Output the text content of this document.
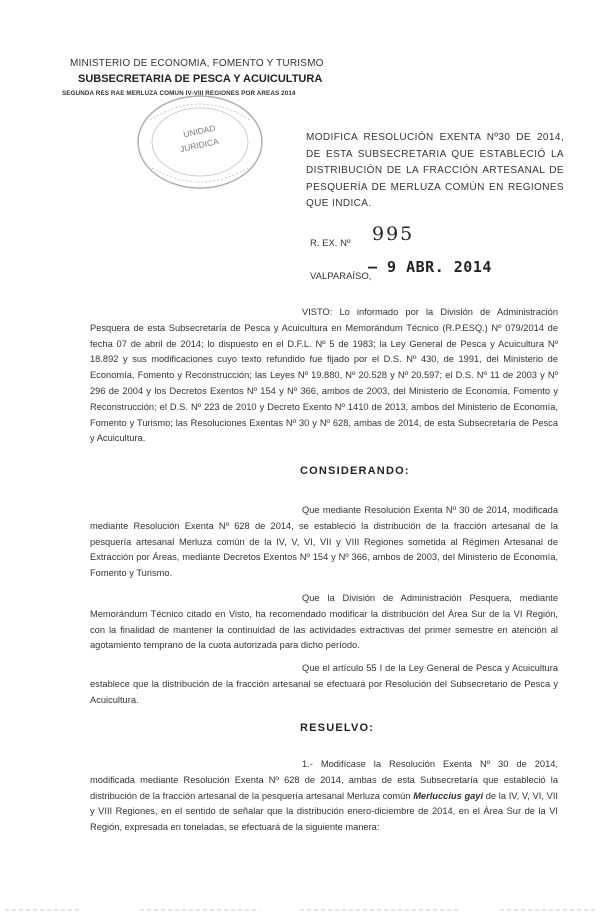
MINISTERIO DE ECONOMIA, FOMENTO Y TURISMO
SUBSECRETARIA DE PESCA Y ACUICULTURA
SEGUNDA RES RAE MERLUZA COMUN IV-VIII REGIONES POR AREAS 2014
UNIDAD
JURIDICA	MODIFICA RESOLUCIÓN EXENTA Nº30 DE 2014, DE ESTA SUBSECRETARIA QUE ESTABLECIÓ LA DISTRIBUCIÓN DE LA FRACCIÓN ARTESANAL DE PESQUERÍA DE MERLUZA COMÚN EN REGIONES QUE INDICA.
995
R. EX. Nº
– 9 ABR. 2014
VALPARAÍSO,
VISTO: Lo informado por la División de Administración Pesquera de esta Subsecretaría de Pesca y Acuicultura en Memorándum Técnico (R.P.ESQ.) Nº 079/2014 de fecha 07 de abril de 2014; lo dispuesto en el D.F.L. Nº 5 de 1983; la Ley General de Pesca y Acuicultura Nº 18.892 y sus modificaciones cuyo texto refundido fue fijado por el D.S. Nº 430, de 1991, del Ministerio de Economía, Fomento y Reconstrucción; las Leyes Nº 19.880, Nº 20.528 y Nº 20.597; el D.S. Nº 11 de 2003 y Nº 296 de 2004 y los Decretos Exentos Nº 154 y Nº 366, ambos de 2003, del Ministerio de Economía, Fomento y Reconstrucción; el D.S. Nº 223 de 2010 y Decreto Exento Nº 1410 de 2013, ambos del Ministerio de Economía, Fomento y Turismo; las Resoluciones Exentas Nº 30 y Nº 628, ambas de 2014, de esta Subsecretaría de Pesca y Acuicultura.
CONSIDERANDO:
Que mediante Resolución Exenta Nº 30 de 2014, modificada mediante Resolución Exenta Nº 628 de 2014, se estableció la distribución de la fracción artesanal de la pesquería artesanal Merluza común de la IV, V, VI, VII y VIII Regiones sometida al Régimen Artesanal de Extracción por Áreas, mediante Decretos Exentos Nº 154 y Nº 366, ambos de 2003, del Ministerio de Economía, Fomento y Turismo.
Que la División de Administración Pesquera, mediante Memorándum Técnico citado en Visto, ha recomendado modificar la distribución del Área Sur de la VI Región, con la finalidad de mantener la continuidad de las actividades extractivas del primer semestre en atención al agotamiento temprano de la cuota autorizada para dicho período.
Que el artículo 55 I de la Ley General de Pesca y Acuicultura establece que la distribución de la fracción artesanal se efectuará por Resolución del Subsecretario de Pesca y Acuicultura.
RESUELVO:
1.- Modifícase la Resolución Exenta Nº 30 de 2014, modificada mediante Resolución Exenta Nº 628 de 2014, ambas de esta Subsecretaría que estableció la distribución de la fracción artesanal de la pesquería artesanal Merluza común Merluccius gayi de la IV, V, VI, VII y VIII Regiones, en el sentido de señalar que la distribución enero-diciembre de 2014, en el Área Sur de la VI Región, expresada en toneladas, se efectuará de la siguiente manera:
